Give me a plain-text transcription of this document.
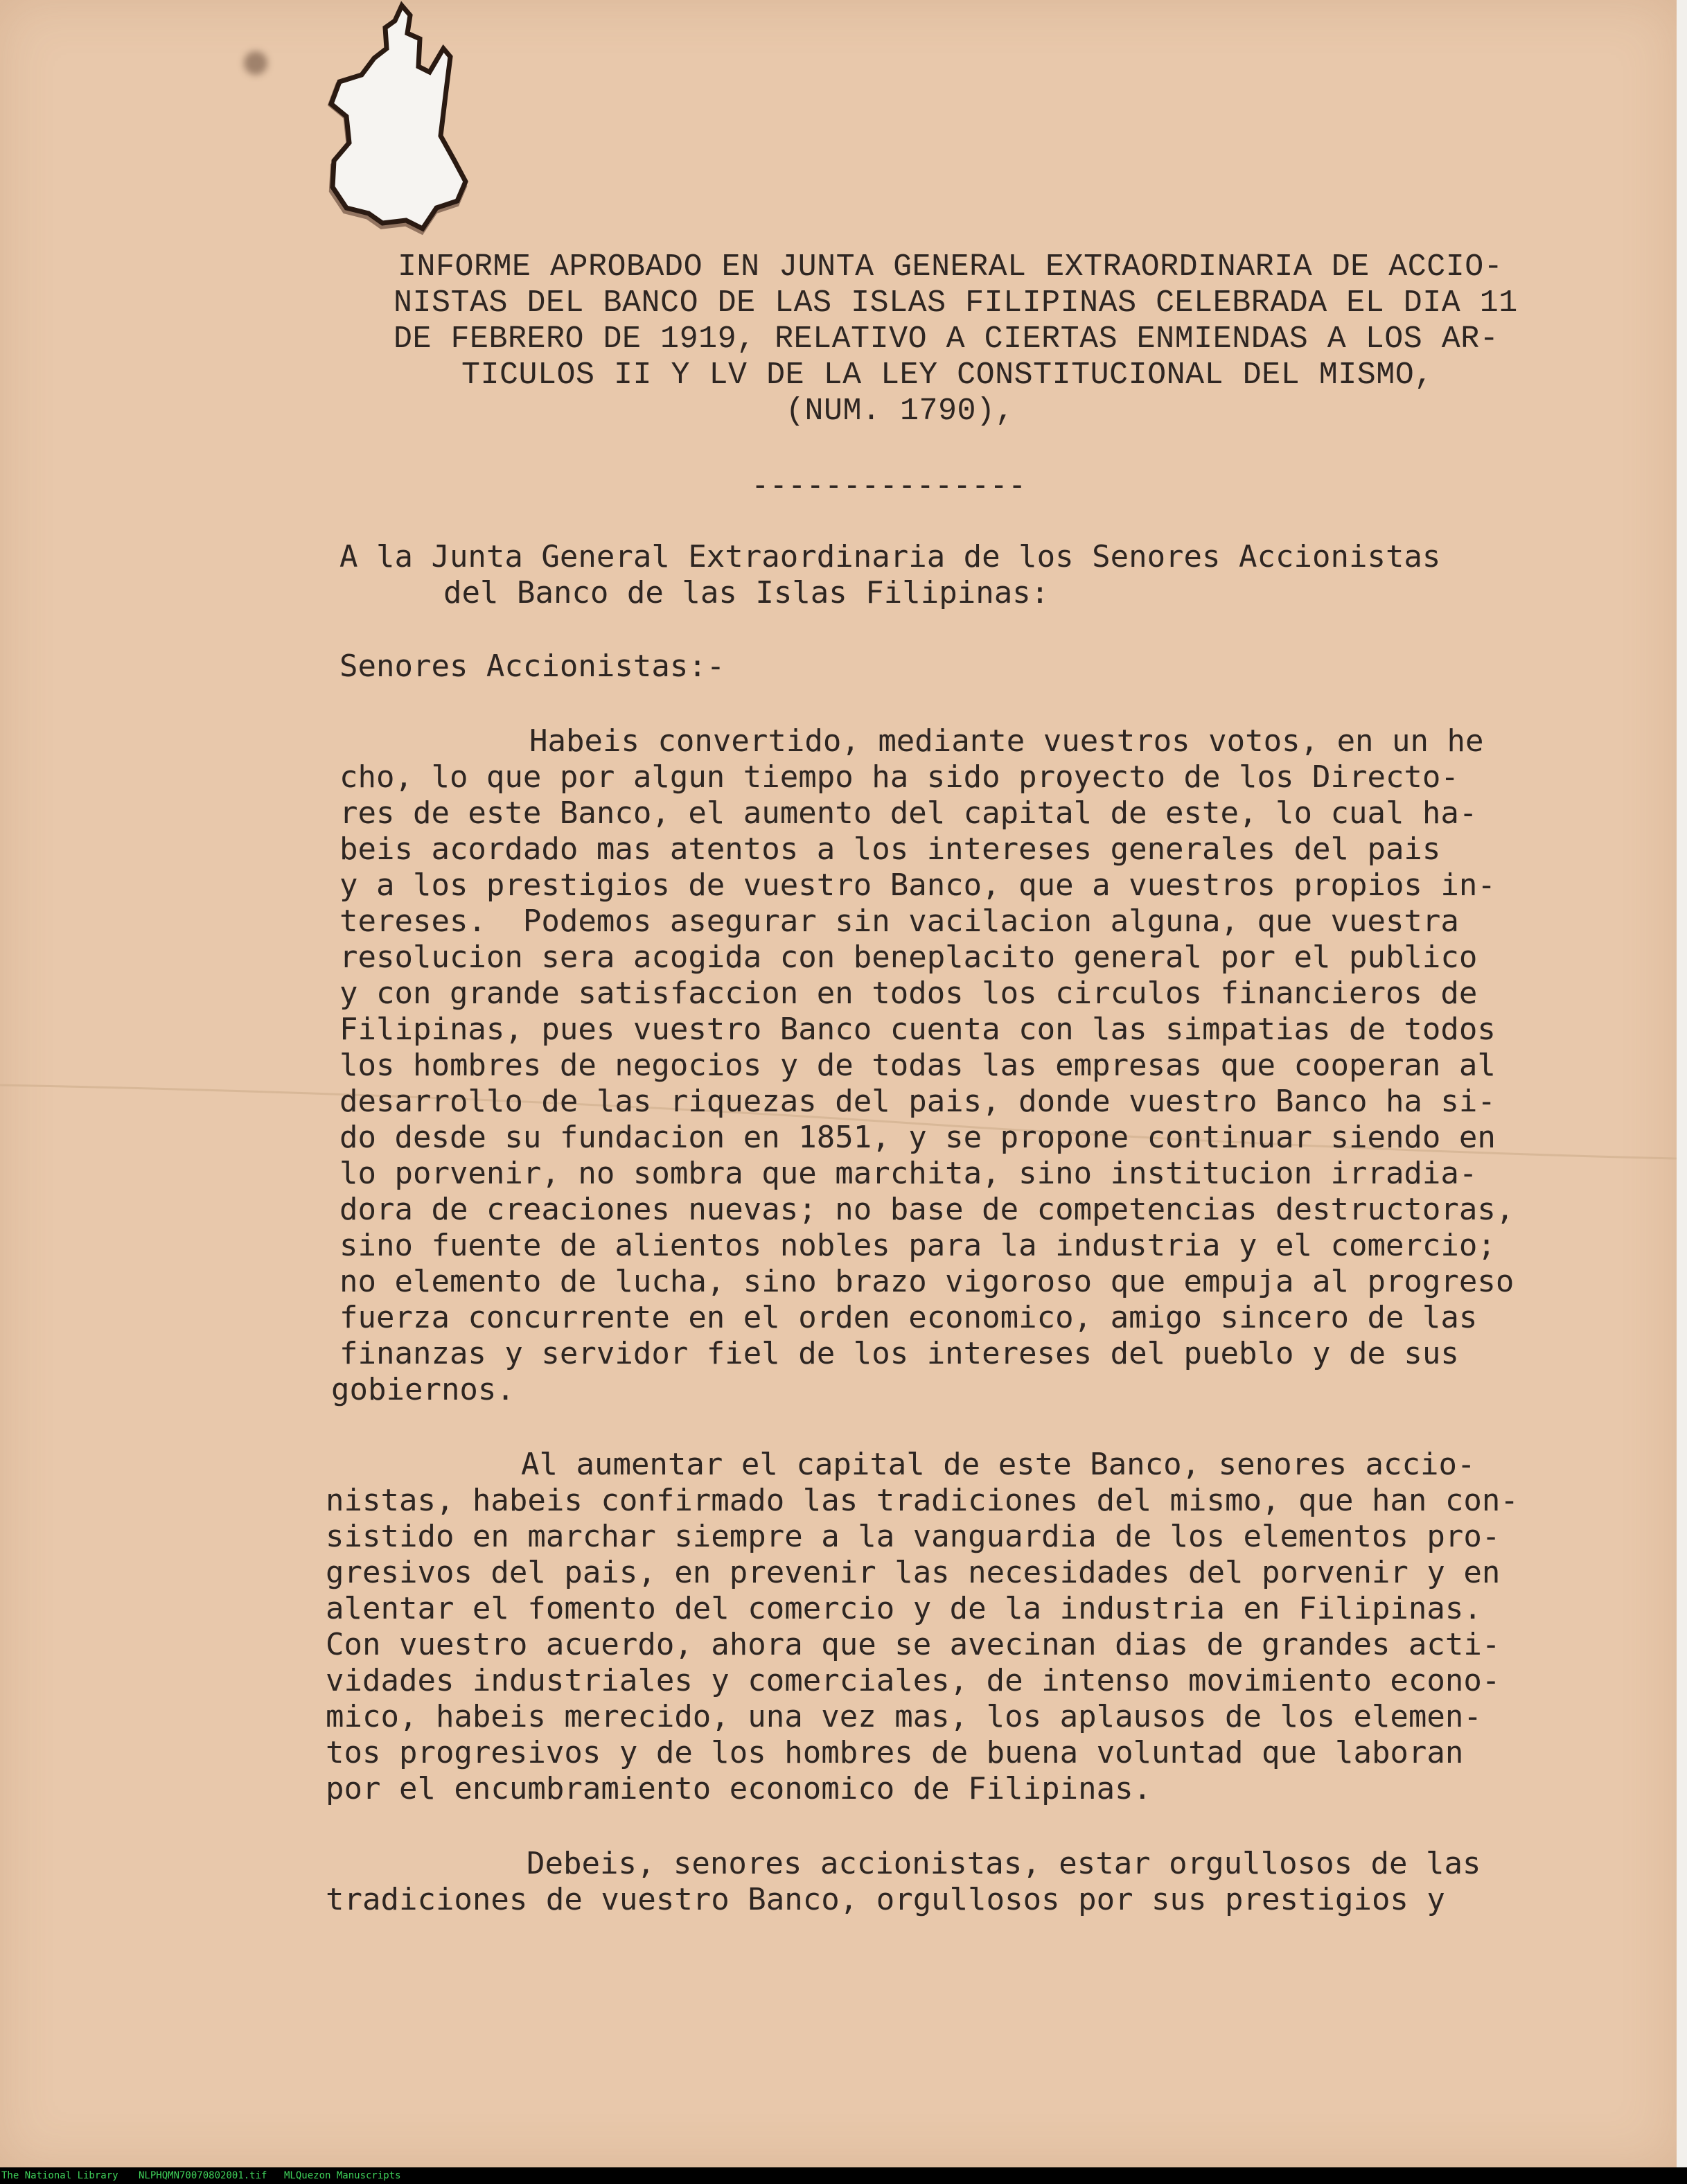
INFORME APROBADO EN JUNTA GENERAL EXTRAORDINARIA DE ACCIO-

NISTAS DEL BANCO DE LAS ISLAS FILIPINAS CELEBRADA EL DIA 11

DE FEBRERO DE 1919, RELATIVO A CIERTAS ENMIENDAS A LOS AR-

TICULOS II Y LV DE LA LEY CONSTITUCIONAL DEL MISMO,

(NUM. 1790),

---------------

A la Junta General Extraordinaria de los Senores Accionistas

del Banco de las Islas Filipinas:

Senores Accionistas:-

Habeis convertido, mediante vuestros votos, en un he

cho, lo que por algun tiempo ha sido proyecto de los Directo-

res de este Banco, el aumento del capital de este, lo cual ha-

beis acordado mas atentos a los intereses generales del pais

y a los prestigios de vuestro Banco, que a vuestros propios in-

tereses.  Podemos asegurar sin vacilacion alguna, que vuestra

resolucion sera acogida con beneplacito general por el publico

y con grande satisfaccion en todos los circulos financieros de

Filipinas, pues vuestro Banco cuenta con las simpatias de todos

los hombres de negocios y de todas las empresas que cooperan al

desarrollo de las riquezas del pais, donde vuestro Banco ha si-

do desde su fundacion en 1851, y se propone continuar siendo en

lo porvenir, no sombra que marchita, sino institucion irradia-

dora de creaciones nuevas; no base de competencias destructoras,

sino fuente de alientos nobles para la industria y el comercio;

no elemento de lucha, sino brazo vigoroso que empuja al progreso

fuerza concurrente en el orden economico, amigo sincero de las

finanzas y servidor fiel de los intereses del pueblo y de sus

gobiernos.

Al aumentar el capital de este Banco, senores accio-

nistas, habeis confirmado las tradiciones del mismo, que han con-

sistido en marchar siempre a la vanguardia de los elementos pro-

gresivos del pais, en prevenir las necesidades del porvenir y en

alentar el fomento del comercio y de la industria en Filipinas.

Con vuestro acuerdo, ahora que se avecinan dias de grandes acti-

vidades industriales y comerciales, de intenso movimiento econo-

mico, habeis merecido, una vez mas, los aplausos de los elemen-

tos progresivos y de los hombres de buena voluntad que laboran

por el encumbramiento economico de Filipinas.

Debeis, senores accionistas, estar orgullosos de las

tradiciones de vuestro Banco, orgullosos por sus prestigios y

The National Library NLPHQMN70070802001.tif MLQuezon Manuscripts
